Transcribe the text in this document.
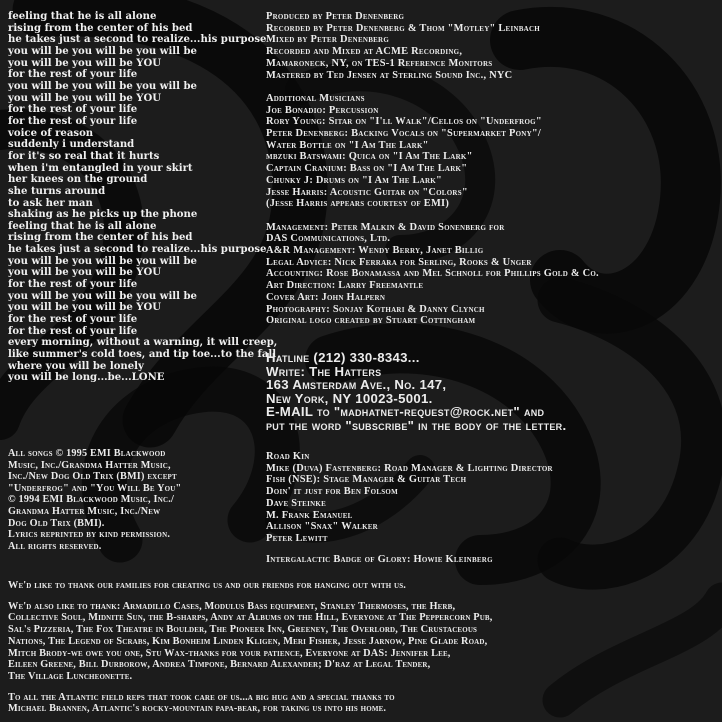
feeling that he is all alone
rising from the center of his bed
he takes just a second to realize...his purpose
you will be you will be you will be
you will be you will be YOU
for the rest of your life
you will be you will be you will be
you will be you will be YOU
for the rest of your life
for the rest of your life
voice of reason
suddenly i understand
for it's so real that it hurts
when i'm entangled in your skirt
her knees on the ground
she turns around
to ask her man
shaking as he picks up the phone
feeling that he is all alone
rising from the center of his bed
he takes just a second to realize...his purpose
you will be you will be you will be
you will be you will be YOU
for the rest of your life
you will be you will be you will be
you will be you will be YOU
for the rest of your life
for the rest of your life
every morning, without a warning, it will creep,
like summer's cold toes, and tip toe...to the fall
where you will be lonely
you will be long...be...LONE
All songs © 1995 EMI Blackwood
Music, Inc./Grandma Hatter Music,
Inc./New Dog Old Trix (BMI) except
"Underfrog" and "You Will Be You"
© 1994 EMI Blackwood Music, Inc./
Grandma Hatter Music, Inc./New
Dog Old Trix (BMI).
Lyrics reprinted by kind permission.
All rights reserved.
Produced by Peter Denenberg
Recorded by Peter Denenberg & Thom "Motley" Leinbach
Mixed by Peter Denenberg
Recorded and Mixed at ACME Recording,
Mamaroneck, NY, on TES-1 Reference Monitors
Mastered by Ted Jensen at Sterling Sound Inc., NYC
Additional Musicians
Joe Bonadio: Percussion
Rory Young: Sitar on "I'll Walk"/Cellos on "Underfrog"
Peter Denenberg: Backing Vocals on "Supermarket Pony"/
Water Bottle on "I Am The Lark"
mbzuki Batswami: Quica on "I Am The Lark"
Captain Cranium: Bass on "I Am The Lark"
Chunky J: Drums on "I Am The Lark"
Jesse Harris: Acoustic Guitar on "Colors"
(Jesse Harris appears courtesy of EMI)
Management: Peter Malkin & David Sonenberg for
DAS Communications, Ltd.
A&R Management: Wendy Berry, Janet Billig
Legal Advice: Nick Ferrara for Serling, Rooks & Unger
Accounting: Rose Bonamassa and Mel Schnoll for Phillips Gold & Co.
Art Direction: Larry Freemantle
Cover Art: John Halpern
Photography: Sonjay Kothari & Danny Clynch
Original logo created by Stuart Cottingham
Hatline (212) 330-8343...
Write: The Hatters
163 Amsterdam Ave., No. 147,
New York, NY 10023-5001.
E-MAIL to "madhatnet-request@rock.net" and
put the word "subscribe" in the body of the letter.
Road Kin
Mike (Duva) Fastenberg: Road Manager & Lighting Director
Fish (NSE): Stage Manager & Guitar Tech
Doin' it just for Ben Folsom
Dave Steinke
M. Frank Emanuel
Allison "Snax" Walker
Peter Lewitt
Intergalactic Badge of Glory: Howie Kleinberg
We'd like to thank our families for creating us and our friends for hanging out with us.
We'd also like to thank: Armadillo Cases, Modulus Bass equipment, Stanley Thermoses, the Herb,
Collective Soul, Midnite Sun, the B-sharps, Andy at Albums on the Hill, Everyone at The Peppercorn Pub,
Sal's Pizzeria, The Fox Theatre in Boulder, The Pioneer Inn, Greeney, The Overlord, The Crustaceous
Nations, The Legend of Scrabs, Kim Bonheim Linden Kligen, Meri Fisher, Jesse Jarnow, Pine Glade Road,
Mitch Brody-we owe you one, Stu Wax-thanks for your patience, Everyone at DAS: Jennifer Lee,
Eileen Greene, Bill Durborow, Andrea Timpone, Bernard Alexander; D'raz at Legal Tender,
The Village Luncheonette.
To all the Atlantic field reps that took care of us...a big hug and a special thanks to
Michael Brannen, Atlantic's rocky-mountain papa-bear, for taking us into his home.
